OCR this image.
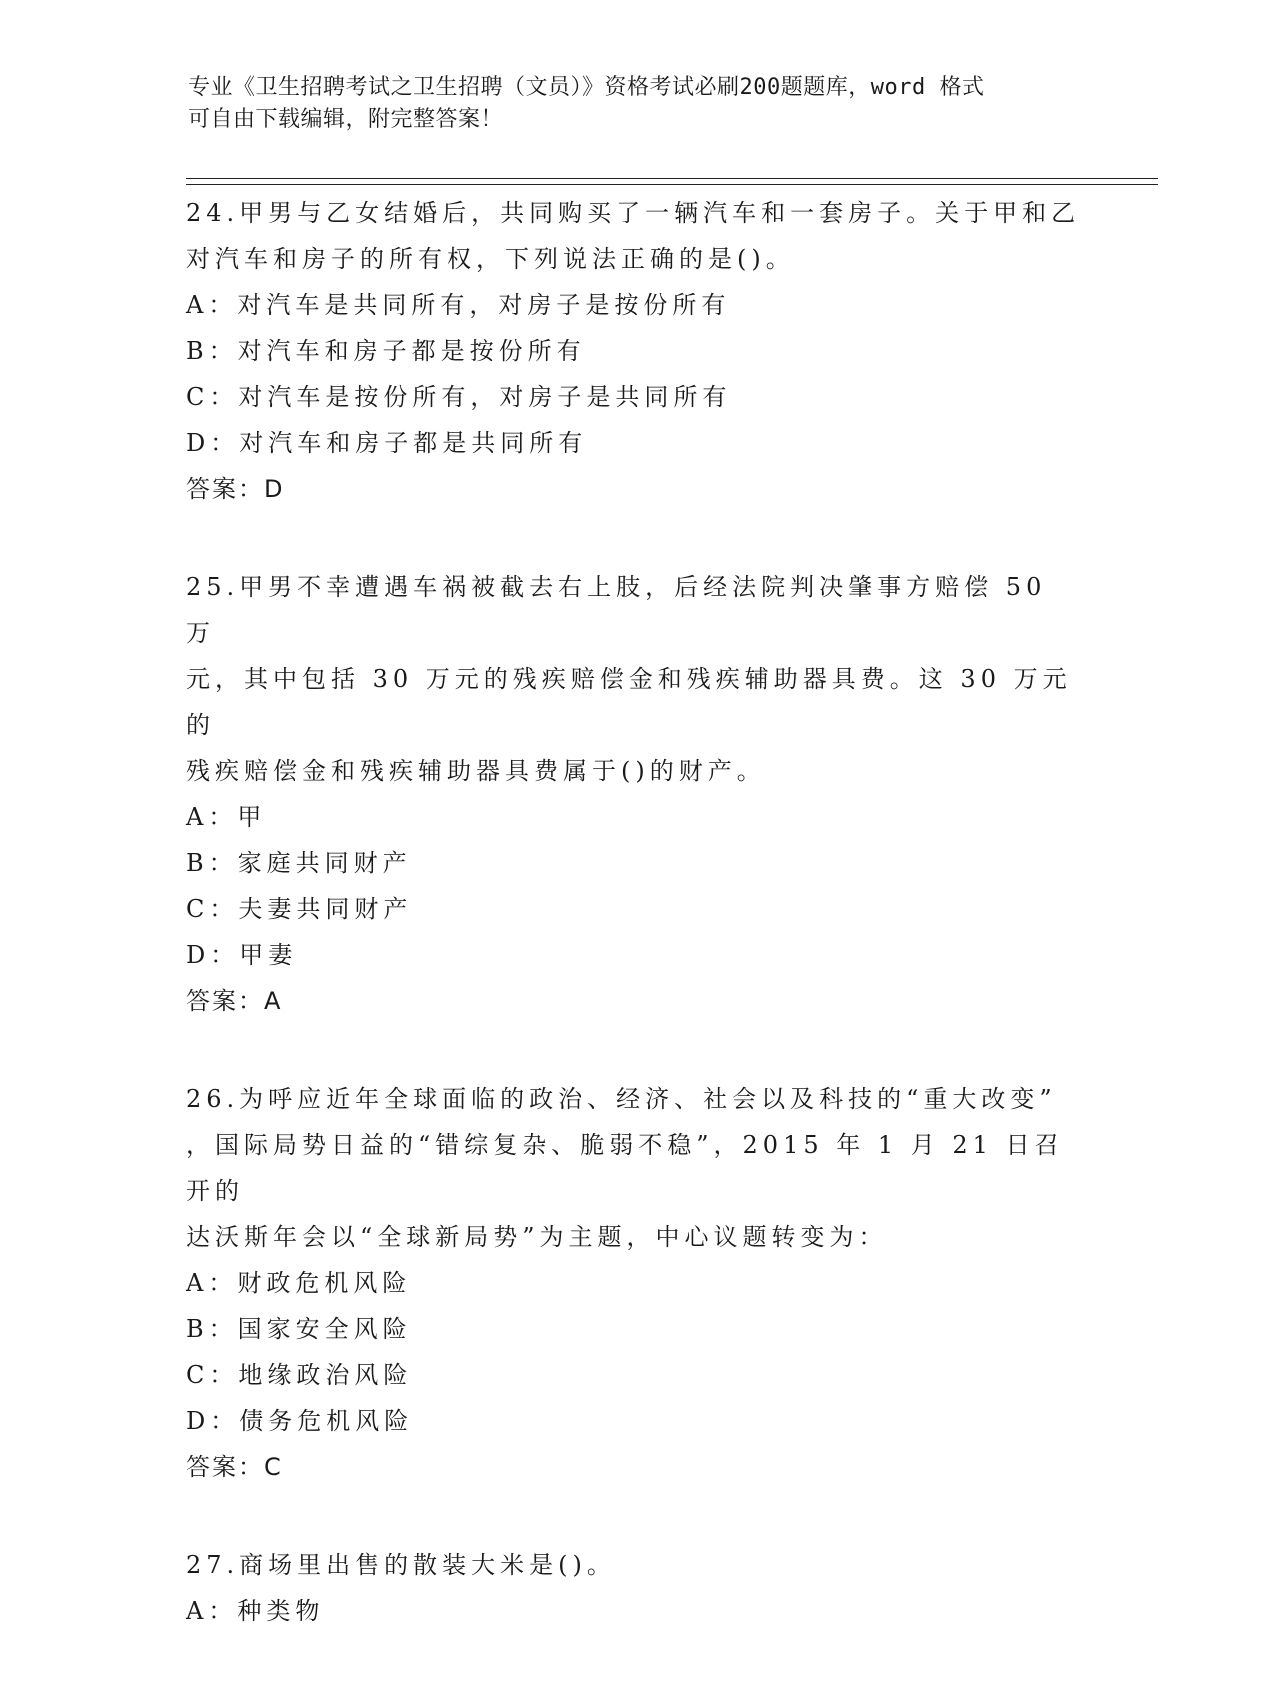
专业《卫生招聘考试之卫生招聘（文员）》资格考试必刷200题题库，word 格式
可自由下载编辑，附完整答案！
24.甲男与乙女结婚后，共同购买了一辆汽车和一套房子。关于甲和乙
对汽车和房子的所有权，下列说法正确的是()。
A：对汽车是共同所有，对房子是按份所有
B：对汽车和房子都是按份所有
C：对汽车是按份所有，对房子是共同所有
D：对汽车和房子都是共同所有
答案：D
25.甲男不幸遭遇车祸被截去右上肢，后经法院判决肇事方赔偿 50 万
元，其中包括 30 万元的残疾赔偿金和残疾辅助器具费。这 30 万元的
残疾赔偿金和残疾辅助器具费属于()的财产。
A：甲
B：家庭共同财产
C：夫妻共同财产
D：甲妻
答案：A
26.为呼应近年全球面临的政治、经济、社会以及科技的“重大改变”
，国际局势日益的“错综复杂、脆弱不稳”，2015 年 1 月 21 日召开的
达沃斯年会以“全球新局势”为主题，中心议题转变为：
A：财政危机风险
B：国家安全风险
C：地缘政治风险
D：债务危机风险
答案：C
27.商场里出售的散装大米是()。
A：种类物
